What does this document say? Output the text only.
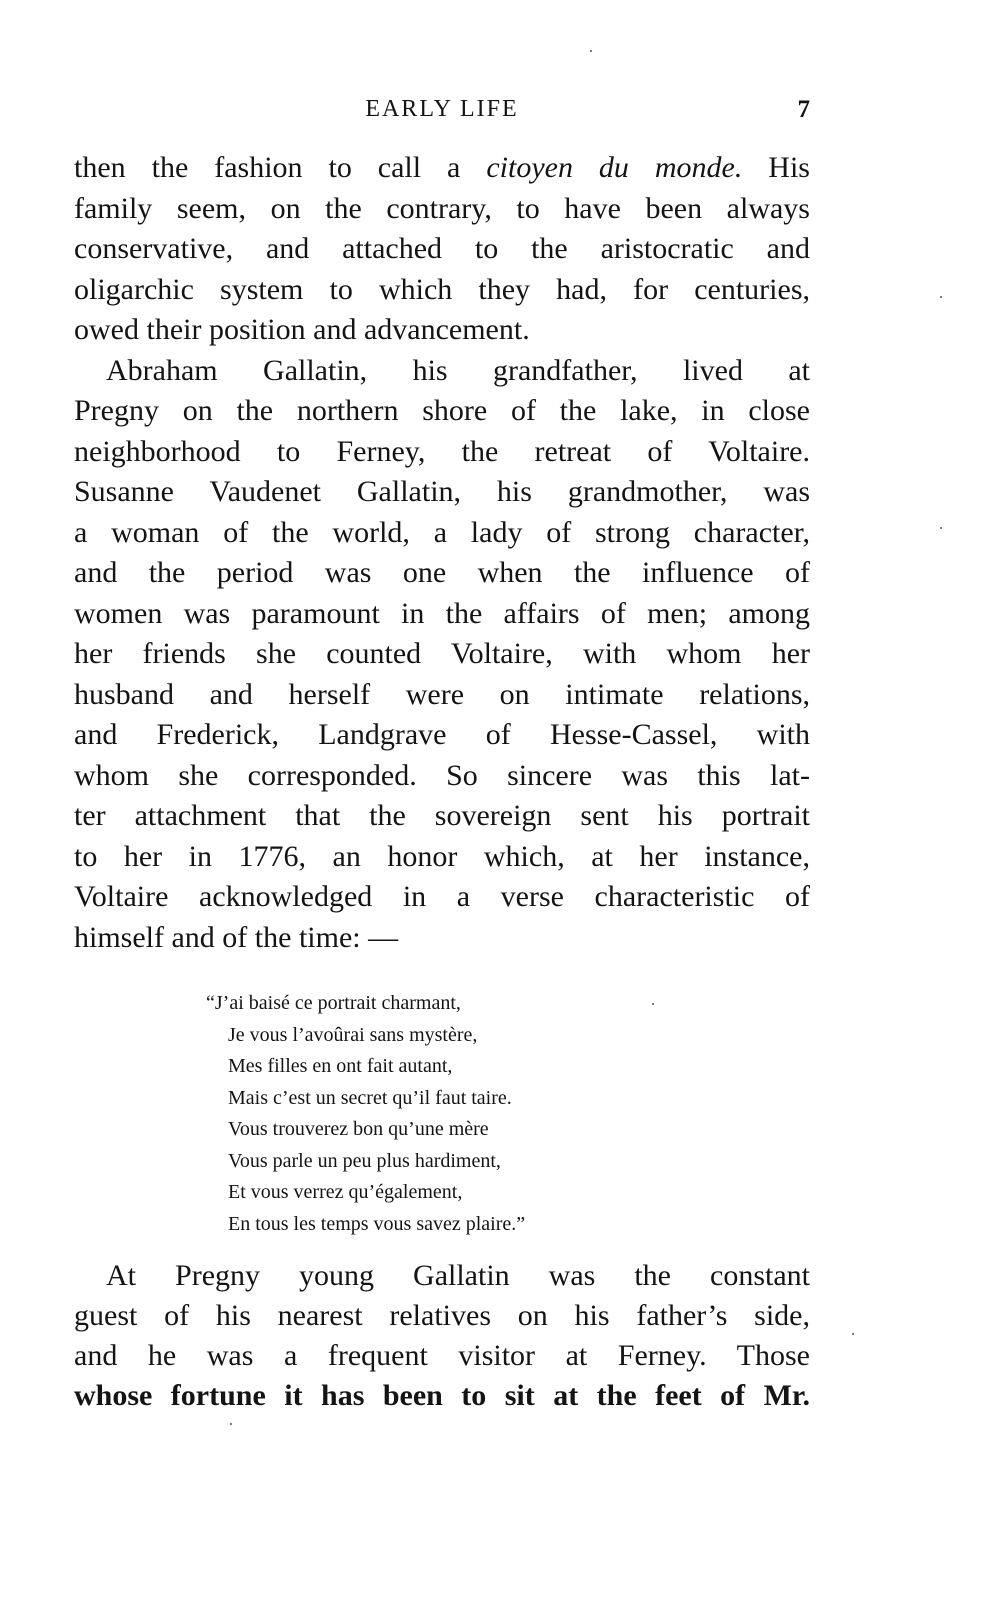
EARLY LIFE	7
then the fashion to call a citoyen du monde. His
family seem, on the contrary, to have been always
conservative, and attached to the aristocratic and
oligarchic system to which they had, for centuries,
owed their position and advancement.
Abraham Gallatin, his grandfather, lived at
Pregny on the northern shore of the lake, in close
neighborhood to Ferney, the retreat of Voltaire.
Susanne Vaudenet Gallatin, his grandmother, was
a woman of the world, a lady of strong character,
and the period was one when the influence of
women was paramount in the affairs of men; among
her friends she counted Voltaire, with whom her
husband and herself were on intimate relations,
and Frederick, Landgrave of Hesse-Cassel, with
whom she corresponded. So sincere was this lat-
ter attachment that the sovereign sent his portrait
to her in 1776, an honor which, at her instance,
Voltaire acknowledged in a verse characteristic of
himself and of the time: —
“J’ai baisé ce portrait charmant,
Je vous l’avoûrai sans mystère,
Mes filles en ont fait autant,
Mais c’est un secret qu’il faut taire.
Vous trouverez bon qu’une mère
Vous parle un peu plus hardiment,
Et vous verrez qu’également,
En tous les temps vous savez plaire.”
At Pregny young Gallatin was the constant
guest of his nearest relatives on his father’s side,
and he was a frequent visitor at Ferney. Those
whose fortune it has been to sit at the feet of Mr.
